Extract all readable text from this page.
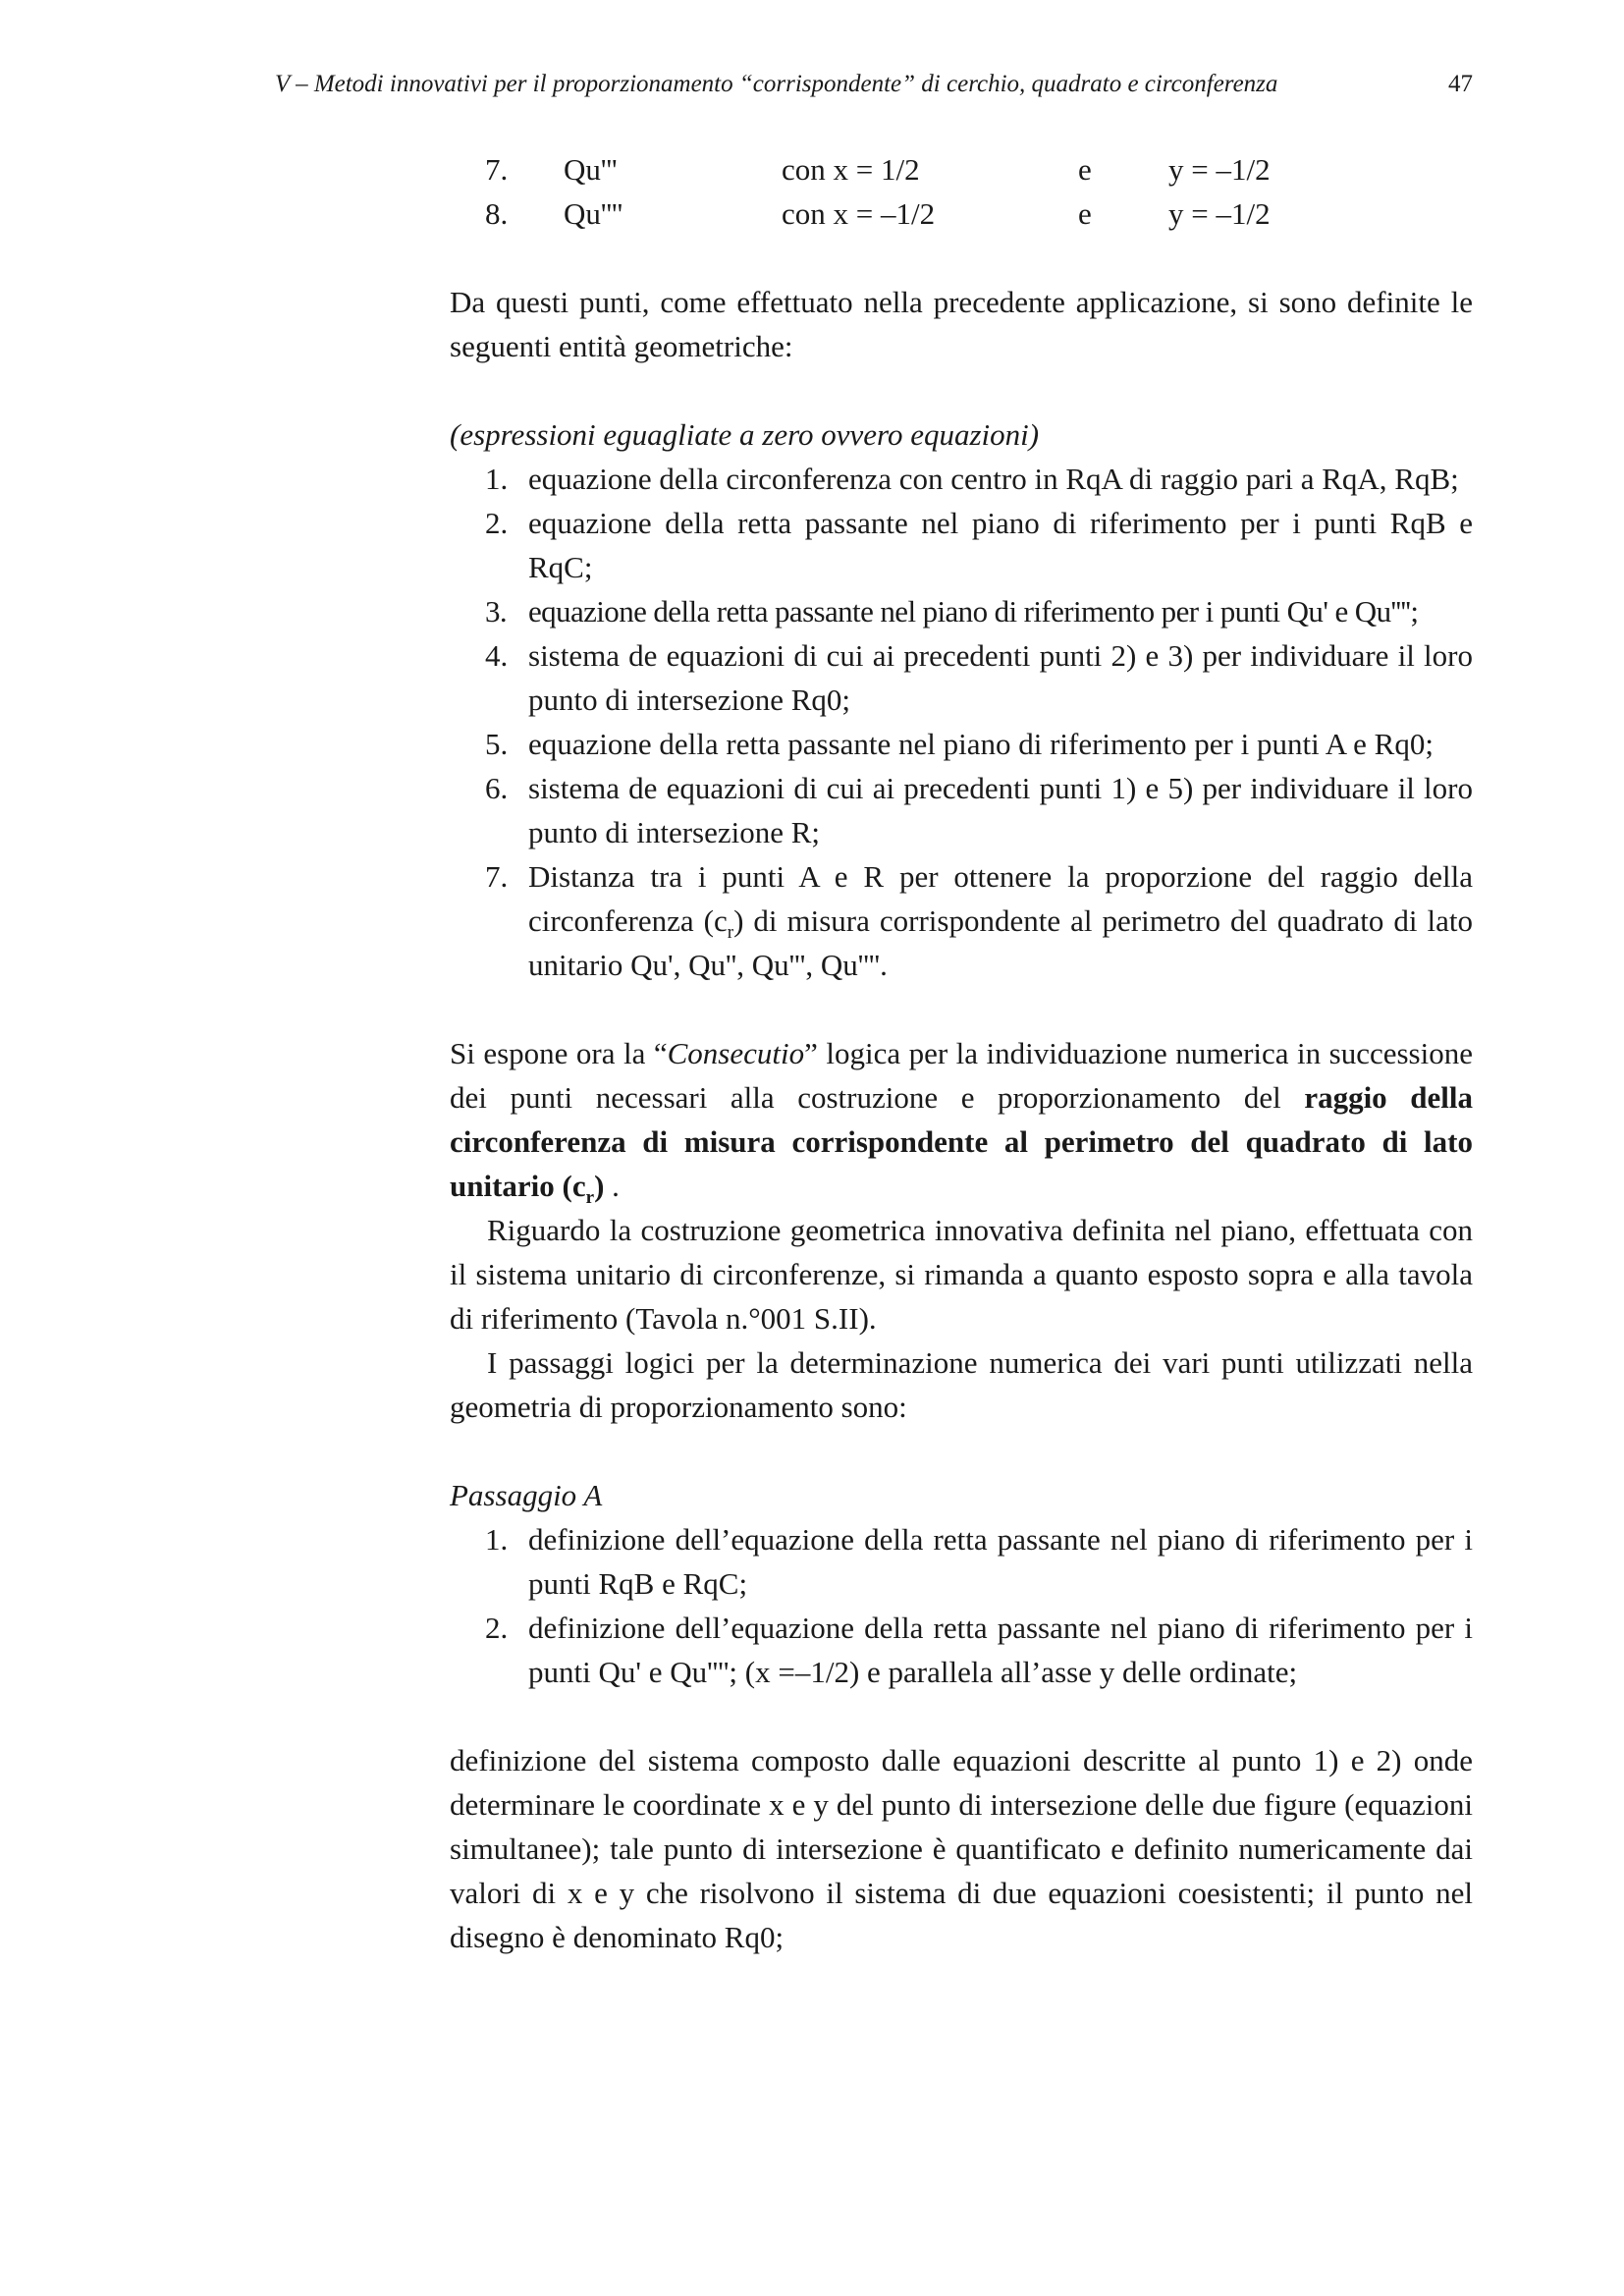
V – Metodi innovativi per il proporzionamento “corrispondente” di cerchio, quadrato e circonferenza	47
7.	Qu'''	con x = 1/2	e	y = –1/2
8.	Qu''''	con x = –1/2	e	y = –1/2

Da questi punti, come effettuato nella precedente applicazione, si sono definite le seguenti entità geometriche:

(espressioni eguagliate a zero ovvero equazioni)

1. equazione della circonferenza con centro in RqA di raggio pari a RqA, RqB;
2. equazione della retta passante nel piano di riferimento per i punti RqB e RqC;
3. equazione della retta passante nel piano di riferimento per i punti Qu' e Qu'''';
4. sistema de equazioni di cui ai precedenti punti 2) e 3) per individuare il loro punto di intersezione Rq0;
5. equazione della retta passante nel piano di riferimento per i punti A e Rq0;
6. sistema de equazioni di cui ai precedenti punti 1) e 5) per individuare il loro punto di intersezione R;
7. Distanza tra i punti A e R per ottenere la proporzione del raggio della circonferenza $(c_r)$ di misura corrispondente al perimetro del quadrato di lato unitario Qu', Qu'', Qu''', Qu''''.

Si espone ora la “Consecutio” logica per la individuazione numerica in successione dei punti necessari alla costruzione e proporzionamento del raggio della circonferenza di misura corrispondente al perimetro del quadrato di lato unitario $(c_r)$ .

Riguardo la costruzione geometrica innovativa definita nel piano, effettuata con il sistema unitario di circonferenze, si rimanda a quanto esposto sopra e alla tavola di riferimento (Tavola n.°001 S.II).

I passaggi logici per la determinazione numerica dei vari punti utilizzati nella geometria di proporzionamento sono:

Passaggio A

1. definizione dell’equazione della retta passante nel piano di riferimento per i punti RqB e RqC;
2. definizione dell’equazione della retta passante nel piano di riferimento per i punti Qu' e Qu''''; (x =–1/2) e parallela all’asse y delle ordinate;

definizione del sistema composto dalle equazioni descritte al punto 1) e 2) onde determinare le coordinate x e y del punto di intersezione delle due figure (equazioni simultanee); tale punto di intersezione è quantificato e definito numericamente dai valori di x e y che risolvono il sistema di due equazioni coesistenti; il punto nel disegno è denominato Rq0;
